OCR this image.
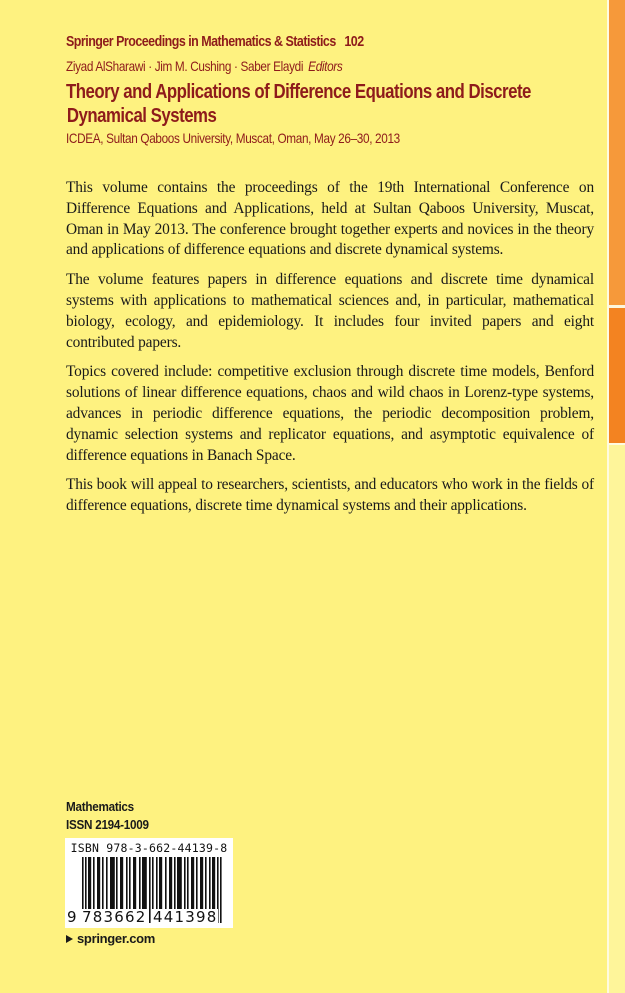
Springer Proceedings in Mathematics & Statistics 102
Ziyad AlSharawi · Jim M. Cushing · Saber Elaydi Editors
Theory and Applications of Difference Equations and Discrete
Dynamical Systems
ICDEA, Sultan Qaboos University, Muscat, Oman, May 26–30, 2013

This volume contains the proceedings of the 19th International Conference on Difference Equations and Applications, held at Sultan Qaboos University, Muscat, Oman in May 2013. The conference brought together experts and novices in the theory and applications of difference equations and discrete dynamical systems.

The volume features papers in difference equations and discrete time dynamical systems with applications to mathematical sciences and, in particular, mathematical biology, ecology, and epidemiology. It includes four invited papers and eight contributed papers.

Topics covered include: competitive exclusion through discrete time models, Benford solutions of linear difference equations, chaos and wild chaos in Lorenz-type systems, advances in periodic difference equations, the periodic decomposition problem, dynamic selection systems and replicator equations, and asymptotic equivalence of difference equations in Banach Space.

This book will appeal to researchers, scientists, and educators who work in the fields of difference equations, discrete time dynamical systems and their applications.

Mathematics
ISSN 2194-1009
ISBN 978-3-662-44139-8
9 783662 441398
springer.com
